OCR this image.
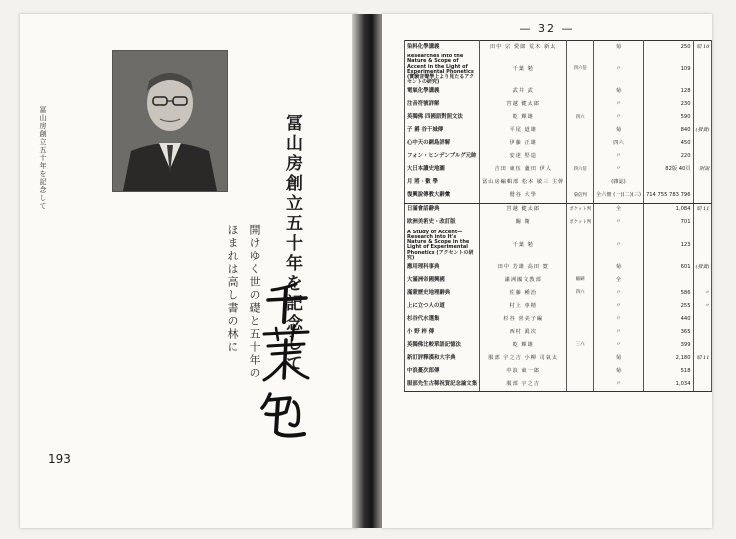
冨山房創立五十年を記念して	冨山房創立五十年を記念して
開けゆく世の礎と五十年の
ほまれは高し書の林に
193
— 32 —
染料化學講義	田中 宗 愛郎 荒木 新太		菊	250	昭 10
Researches into the Nature & Scope of Accent in the Light of Experimental Phonetics (實験音聲學上より見たるアクセントの研究)	千葉 勉	四六倍	〃	109	
電氣化學講義	武井 武		菊	128	
注音符號詳解	宮越 健太郎		〃	230	
英獨佛 四國語對照文法	乾 輝雄	四六	〃	590	
子 爵 谷干城傳	平尾 道雄		菊	840	(發賣)
心中天の網島詳解	伊藤 正雄		四六	450	
フォン・ヒンデンブルグ元帥	安達 堅造		〃	220	
大日本讀史地圖	吉田 東伍 蘆田 伊人	四六倍	〃	82版 40頁	附說
月 將 · 數 學	冨山房編輯部 松本 敏三 主幹		(雜誌)		
復興說傳教大辭彙	鷲谷 大學	菊倍判	全六冊 (一)(二)(三)	714 755 783 796	
日滿會話辭典	宮越 健太郎	ポケット判	全	1,084	昭 11
欧洲美術史・改訂版	關 衛	ポケット判	〃	701	
A Study of Accent—Research into It's Nature & Scope in the Light of Experimental Phonetics (アクセントの研究)	千葉 勉		〃	123	
應用理科事典	田中 芳雄 高田 寛		菊	601	(發賣)
大滿洲帝國興國	滿洲國文教部	縮刷	全		
滿蒙歷史地理辭典	佐藤 種治	四六	〃	586	〃
上に立つ人の道	村上 専精		〃	255	〃
杉谷代水選集	杉谷 喜美子編		〃	440	
小 野 梓 傳	西村 眞次		〃	365	
英獨佛比較單語記憶法	乾 輝雄	三六	〃	399	
新訂評釋漢和大字典	服部 宇之吉 小柳 司氣太		菊	2,180	昭 11
中浪憂次郎傳	中浪 東一郎		菊	518	
服部先生古稀祝賀記念論文集	服部 宇之吉		〃	1,034	
